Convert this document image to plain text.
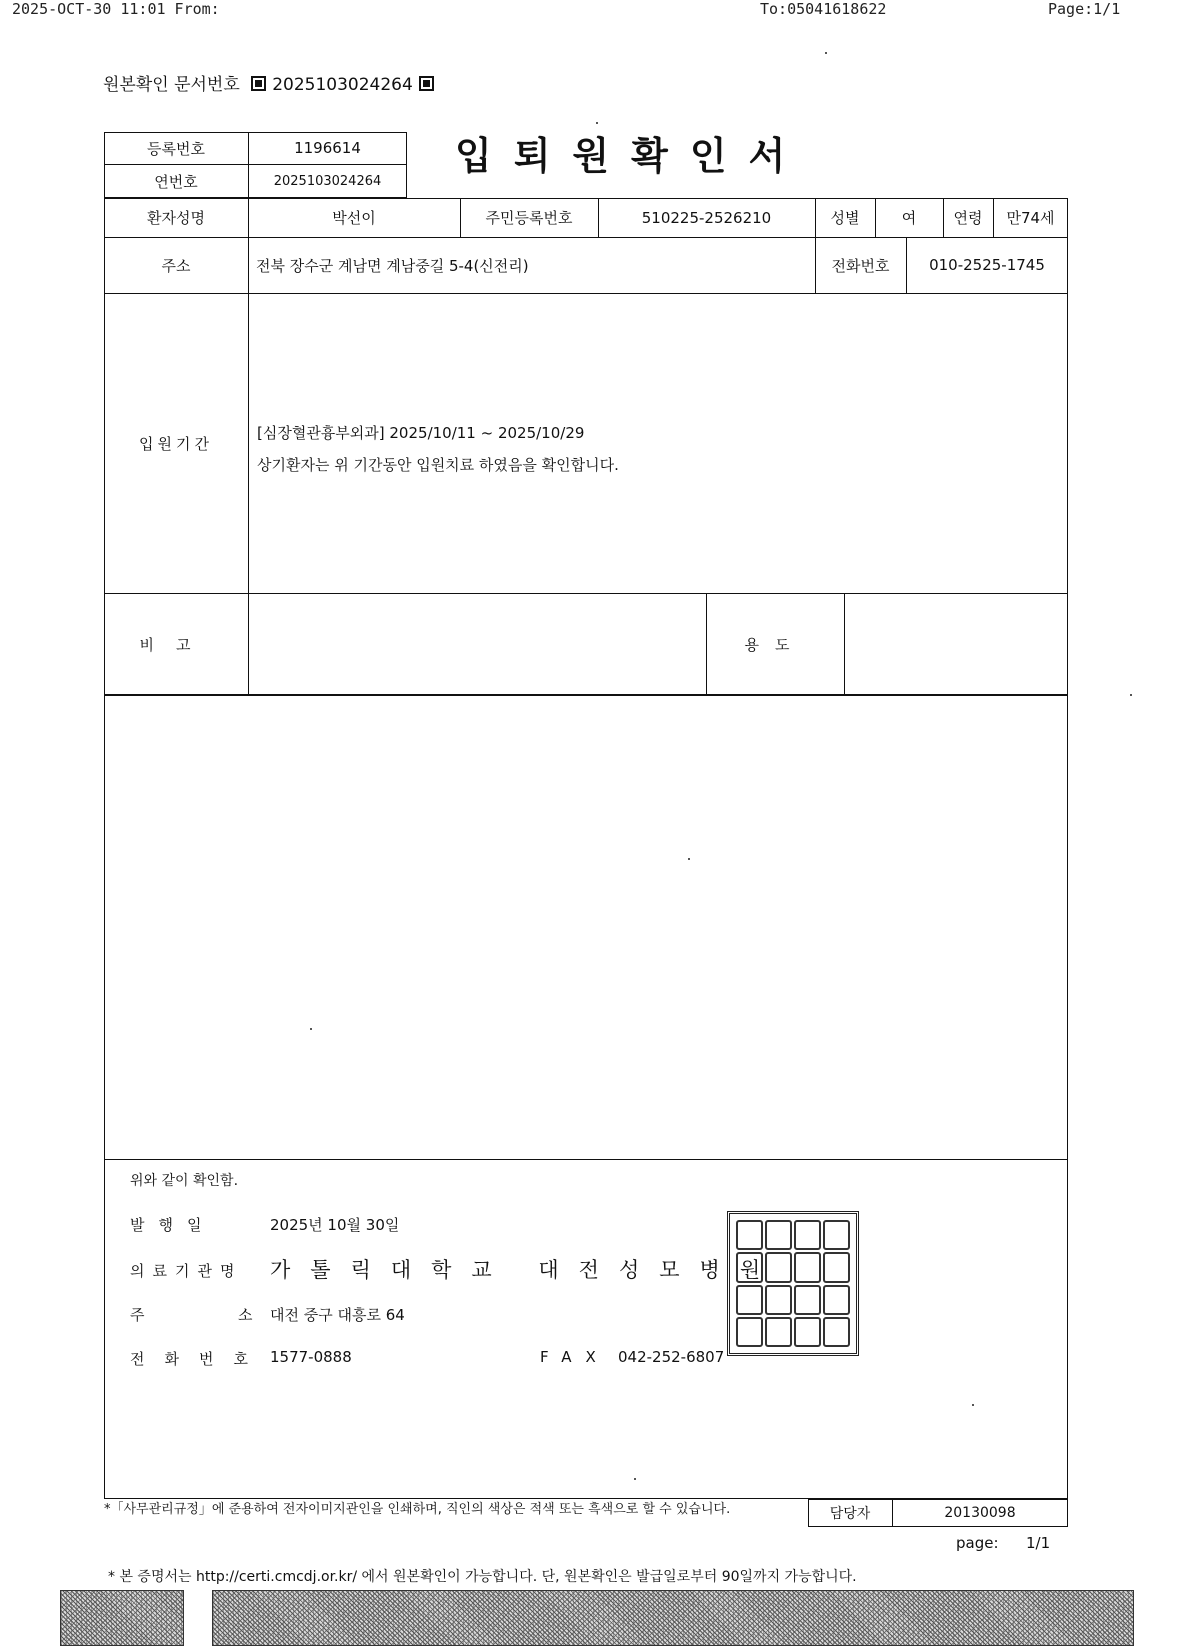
2025-OCT-30 11:01 From:	To:05041618622	Page:1/1
원본확인 문서번호 2025103024264
입퇴원확인서
등록번호	1196614
연번호	2025103024264
환자성명	박선이	주민등록번호	510225-2526210	성별	여	연령	만74세
주소	전북 장수군 계남면 계남중길 5-4(신전리)	전화번호	010-2525-1745
입원기간
[심장혈관흉부외과] 2025/10/11 ~ 2025/10/29
상기환자는 위 기간동안 입원치료 하였음을 확인합니다.
비고	용도
위와 같이 확인함.
발행일	2025년 10월 30일
의료기관명 가톨릭대학교 대전성모병원
주	소 대전 중구 대흥로 64
전화번호 1577-0888	FAX 042-252-6807
*「사무관리규정」에 준용하여 전자이미지관인을 인쇄하며, 직인의 색상은 적색 또는 흑색으로 할 수 있습니다.	담당자	20130098
page: 1/1
* 본 증명서는 http://certi.cmcdj.or.kr/ 에서 원본확인이 가능합니다. 단, 원본확인은 발급일로부터 90일까지 가능합니다.
